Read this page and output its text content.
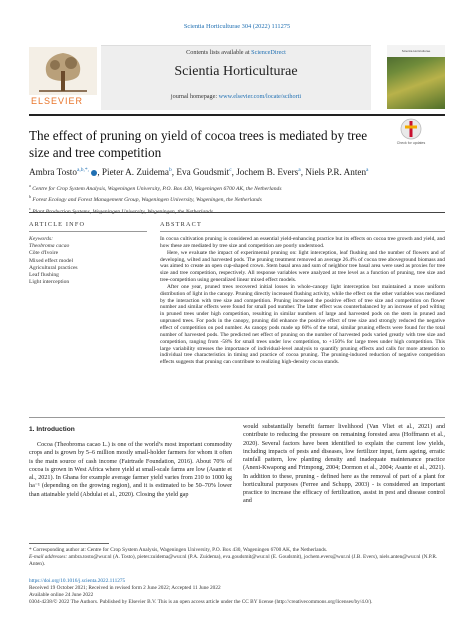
Scientia Horticulturae 304 (2022) 111275
ELSEVIER
Contents lists available at ScienceDirect
Scientia Horticulturae
journal homepage: www.elsevier.com/locate/scihorti
Scientia Horticulturae
The effect of pruning on yield of cocoa trees is mediated by tree size and tree competition
Check for updates
Ambra Tosto$^{a,b,*,}$ , Pieter A. Zuidema$^b$, Eva Goudsmit$^c$, Jochem B. Evers$^a$, Niels P.R. Anten$^a$
$^a$ Centre for Crop System Analysis, Wageningen University, P.O. Box 430, Wageningen 6700 AK, the Netherlands
$^b$ Forest Ecology and Forest Management Group, Wageningen University, Wageningen, the Netherlands
$^c$
ARTICLE INFO	ABSTRACT
Keywords:
Theobroma cacao
Côte d'Ivoire
Mixed effect model
Agricultural practices
Leaf flushing
Light interception

In cocoa cultivation pruning is considered an essential yield-enhancing practice but its effects on cocoa tree growth and yield, and how these are mediated by tree size and competition are poorly understood.

Here, we evaluate the impact of experimental pruning on: light interception, leaf flushing and the number of flowers and of developing, wilted and harvested pods. The pruning treatment removed an average 26.4% of cocoa tree aboveground biomass and was aimed to create an open cup-shaped crown. Stem basal area and sum of neighbor tree basal area were used as proxies for tree size and tree competition, respectively. All response variables were analyzed at tree level as a function of pruning, tree size and tree-competition using generalized linear mixed effect models.

After one year, pruned trees recovered initial losses in whole-canopy light interception but maintained a more uniform distribution of light in the canopy. Pruning directly increased flushing activity, while the effect on the other variables was mediated by the interaction with tree size and competition. Pruning increased the positive effect of tree size and competition on flower number and similar effects were found for small pod number. The latter effect was counterbalanced by an increase of pod wilting in pruned trees under high competition, resulting in similar numbers of large and harvested pods on the stem in pruned and unpruned trees. For pods in the canopy, pruning did enhance the positive effect of tree size and strongly reduced the negative effect of competition on pod number. As canopy pods made up 60% of the total, similar pruning effects were found for the total number of harvested pods. The predicted net effect of pruning on the number of harvested pods varied greatly with tree size and competition, ranging from -58% for small trees under low competition, to +150% for large trees under high competition. This large variability stresses the importance of individual-level analysis to quantify pruning effects and calls for more attention to individual tree characteristics in timing and practice of cocoa pruning. The pruning-induced reduction of negative competition effects suggests that pruning can contribute to realizing high-density cocoa stands.

1. Introduction

Cocoa (Theobroma cacao L.) is one of the world’s most important commodity crops and is grown by 5–6 million mostly small-holder farmers for whom it often is the main source of cash income (Fairtrade Foundation, 2016). About 70% of cocoa is grown in West Africa where yield at small-scale farms are low (Asante et al., 2021). In Ghana for example average farmer yield varies from 210 to 1000 kg ha⁻¹ (depending on the growing region), and it is estimated to be 50–70% lower than attainable yield (Abdulai et al., 2020). Closing the yield gap

would substantially benefit farmer livelihood (Van Vliet et al., 2021) and contribute to reducing the pressure on remaining forested area (Hoffmann et al., 2020). Several factors have been identified to explain the current low yields, including impacts of pests and diseases, low fertilizer input, farm ageing, erratic rainfall pattern, low planting density and inadequate maintenance practice (Aneni-Kwapong and Frimpong, 2004; Dormon et al., 2004; Asante et al., 2021). In addition to these, pruning - defined here as the removal of part of a plant for horticultural purposes (Ferree and Schupp, 2003) - is considered an important practice to increase the efficacy of fertilization, assist in pest and disease control and

* Corresponding author at: Centre for Crop System Analysis, Wageningen University, P.O. Box 430, Wageningen 6700 AK, the Netherlands.
E-mail addresses: ambra.tosto@wur.nl (A. Tosto), pieter.zuidema@wur.nl (P.A. Zuidema), eva.goudsmit@wur.nl (E. Goudsmit), jochem.evers@wur.nl (J.B. Evers), niels.anten@wur.nl (N.P.R. Anten).
https://doi.org/10.1016/j.scienta.2022.111275
Received 19 October 2021; Received in revised form 2 June 2022; Accepted 11 June 2022
Available online 24 June 2022
0304-4238/© 2022 The Authors. Published by Elsevier B.V. This is an open access article under the CC BY license (http://creativecommons.org/licenses/by/4.0/).
